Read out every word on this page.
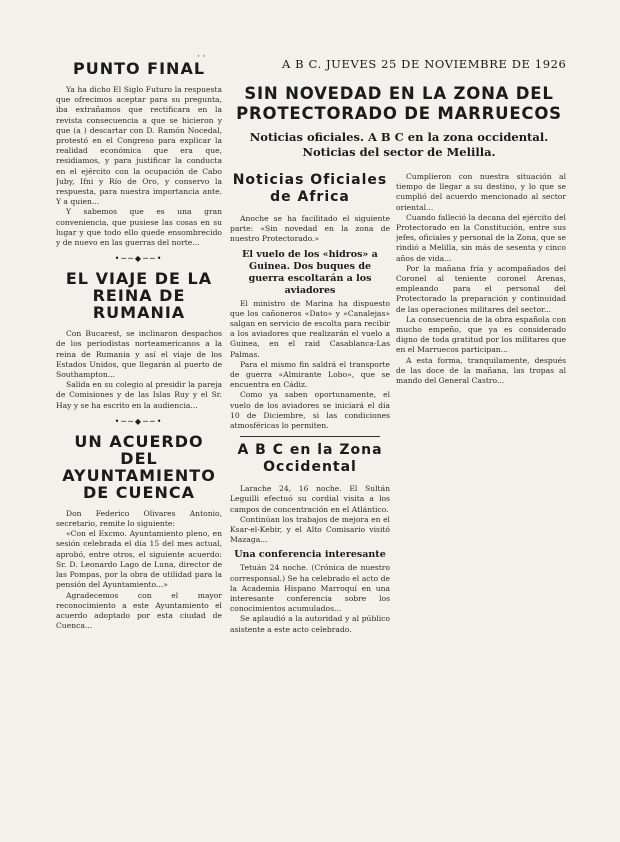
· ·	A B C. JUEVES 25 DE NOVIEMBRE DE 1926
SIN NOVEDAD EN LA ZONA DEL PROTECTORADO DE MARRUECOS
Noticias oficiales. A B C en la zona occidental. Noticias del sector de Melilla.
PUNTO FINAL

Ya ha dicho El Siglo Futuro la respuesta que ofrecimos aceptar para su pregunta, iba extrañamos que rectificara en la revista consecuencia a que se hicieron y que (a ) descartar con D. Ramón Nocedal, protestó en el Congreso para explicar la realidad económica que era que, residiamos, y para justificar la conducta en el ejército con la ocupación de Cabo Juby, Ifni y Río de Oro, y conservo la respuesta, para nuestra importancia ante. Y a quien...

Y sabemos que es una gran conveniencia, que pusiese las cosas en su lugar y que todo ello quede ensombrecido y de nuevo en las guerras del norte...

•──◆──•
EL VIAJE DE LA REINA DE RUMANIA

Con Bucarest, se inclinaron despachos de los periodistas norteamericanos a la reina de Rumania y así el viaje de los Estados Unidos, que llegarán al puerto de Southampton...

Salida en su colegio al presidir la pareja de Comisiones y de las Islas Ruy y el Sr. Hay y se ha escrito en la audiencia...

•──◆──•
UN ACUERDO DEL AYUNTAMIENTO DE CUENCA

Don Federico Olivares Antonio, secretario, remite lo siguiente:

«Con el Excmo. Ayuntamiento pleno, en sesión celebrada el día 15 del mes actual, aprobó, entre otros, el siguiente acuerdo: Sr. D. Leonardo Lago de Luna, director de las Pompas, por la obra de utilidad para la pensión del Ayuntamiento...»

Agradecemos con el mayor reconocimiento a este Ayuntamiento el acuerdo adoptado por esta ciudad de Cuenca...

Noticias Oficiales de Africa

Anoche se ha facilitado el siguiente parte: «Sin novedad en la zona de nuestro Protectorado.»

El vuelo de los «hidros» a Guinea. Dos buques de guerra escoltarán a los aviadores

El ministro de Marina ha dispuesto que los cañoneros «Dato» y «Canalejas» salgan en servicio de escolta para recibir a los aviadores que realizarán el vuelo a Guinea, en el raid Casablanca-Las Palmas.

Para el mismo fin saldrá el transporte de guerra «Almirante Lobo», que se encuentra en Cádiz.

Como ya saben oportunamente, el vuelo de los aviadores se iniciará el día 10 de Diciembre, si las condiciones atmosféricas lo permiten.

A B C en la Zona Occidental

Larache 24, 16 noche. El Sultán Leguilli efectuó su cordial visita a los campos de concentración en el Atlántico.

Continúan los trabajos de mejora en el Ksar-el-Kebir, y el Alto Comisario visitó Mazaga...

Una conferencia interesante

Tetuán 24 noche. (Crónica de nuestro corresponsal.) Se ha celebrado el acto de la Academia Hispano Marroquí en una interesante conferencia sobre los conocimientos acumulados...

Se aplaudió a la autoridad y al público asistente a este acto celebrado.

Cumplieron con nuestra situación al tiempo de llegar a su destino, y lo que se cumplió del acuerdo mencionado al sector oriental...

Cuando falleció la decana del ejército del Protectorado en la Constitución, entre sus jefes, oficiales y personal de la Zona, que se rindió a Melilla, sin más de sesenta y cinco años de vida...

Por la mañana fría y acompañados del Coronel al teniente coronel Arenas, empleando para el personal del Protectorado la preparación y continuidad de las operaciones militares del sector...

La consecuencia de la obra española con mucho empeño, que ya es considerado digno de toda gratitud por los militares que en el Marruecos participan...

A esta forma, tranquilamente, después de las doce de la mañana, las tropas al mando del General Castro...
